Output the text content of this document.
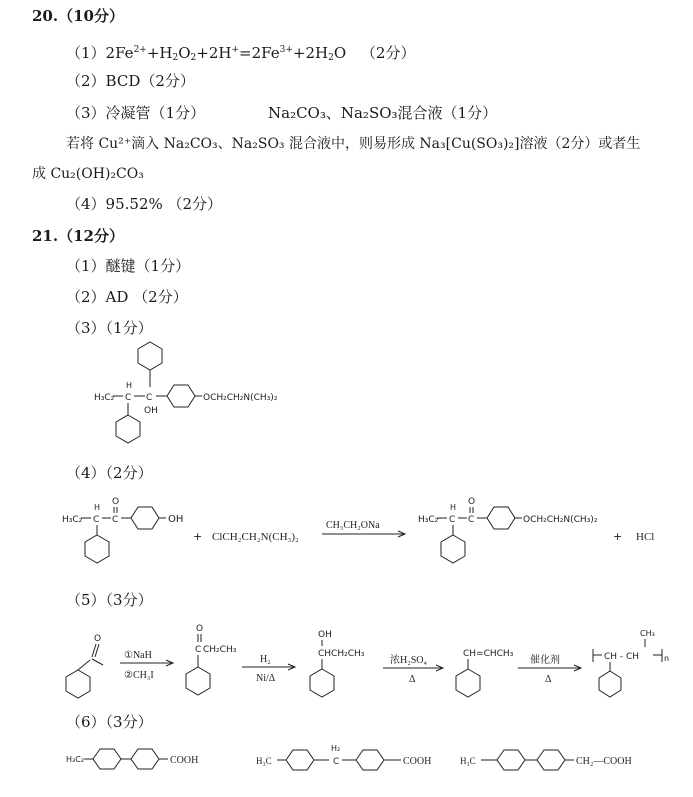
20.（10分）
$(1)2Fe^{2+}+H2O2+2H^+=2Fe^{3+}+2H2O$ （2分）
（2）BCD（2分）
（3）冷凝管（1分）	Na₂CO₃、Na₂SO₃混合液（1分）
若将 Cu²⁺滴入 Na₂CO₃、Na₂SO₃ 混合液中，则易形成 Na₃[Cu(SO₃)₂]溶液（2分）或者生
成 Cu₂(OH)₂CO₃
（4）95.52% （2分）
21.（12分）
（1）醚键（1分）
（2）AD （2分）
（3）（1分）
H₃C₂
H
C C
OH
OCH₂CH₂N(CH₃)₂
（4）（2分）
H₃C₂
H
C
O
C	OH
+ ClCH₂CH₂N(CH₃)₂
CH₃CH₂ONa	H₃C₂
H
C
O
C	OCH₂CH₂N(CH₃)₂
+ HCl
（5）（3分）
O
①NaH
②CH₃I
O
C CH₂CH₃
H₂
Ni/Δ
OH
CHCH₂CH₃
浓H₂SO₄
Δ
CH=CHCH₃
催化剂
Δ
CH₃
CH - CH	n
（6）（3分）
H₃C₂	COOH	H₃C
H₂
C	COOH	H₃C	CH₂—COOH
